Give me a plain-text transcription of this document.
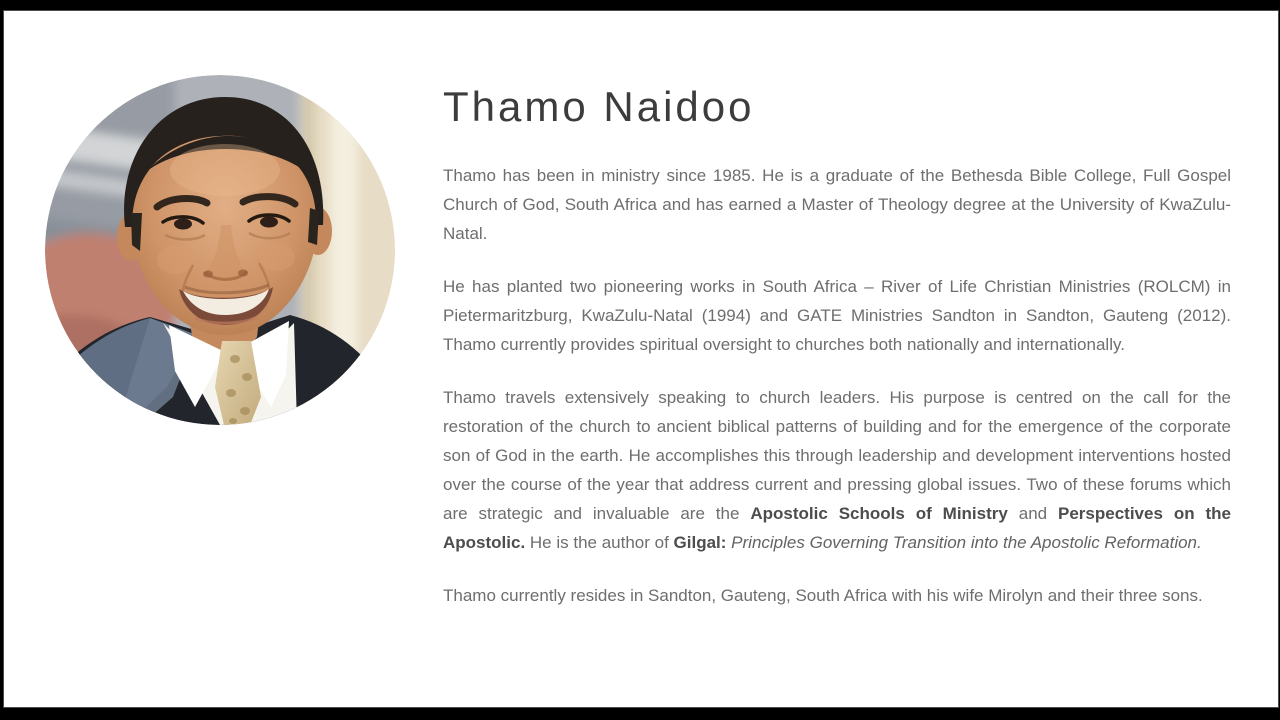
Thamo Naidoo

Thamo has been in ministry since 1985. He is a graduate of the Bethesda Bible College, Full Gospel Church of God, South Africa and has earned a Master of Theology degree at the University of KwaZulu-Natal.

He has planted two pioneering works in South Africa – River of Life Christian Ministries (ROLCM) in Pietermaritzburg, KwaZulu-Natal (1994) and GATE Ministries Sandton in Sandton, Gauteng (2012). Thamo currently provides spiritual oversight to churches both nationally and internationally.

Thamo travels extensively speaking to church leaders. His purpose is centred on the call for the restoration of the church to ancient biblical patterns of building and for the emergence of the corporate son of God in the earth. He accomplishes this through leadership and development interventions hosted over the course of the year that address current and pressing global issues. Two of these forums which are strategic and invaluable are the Apostolic Schools of Ministry and Perspectives on the Apostolic. He is the author of Gilgal: Principles Governing Transition into the Apostolic Reformation.

Thamo currently resides in Sandton, Gauteng, South Africa with his wife Mirolyn and their three sons.
